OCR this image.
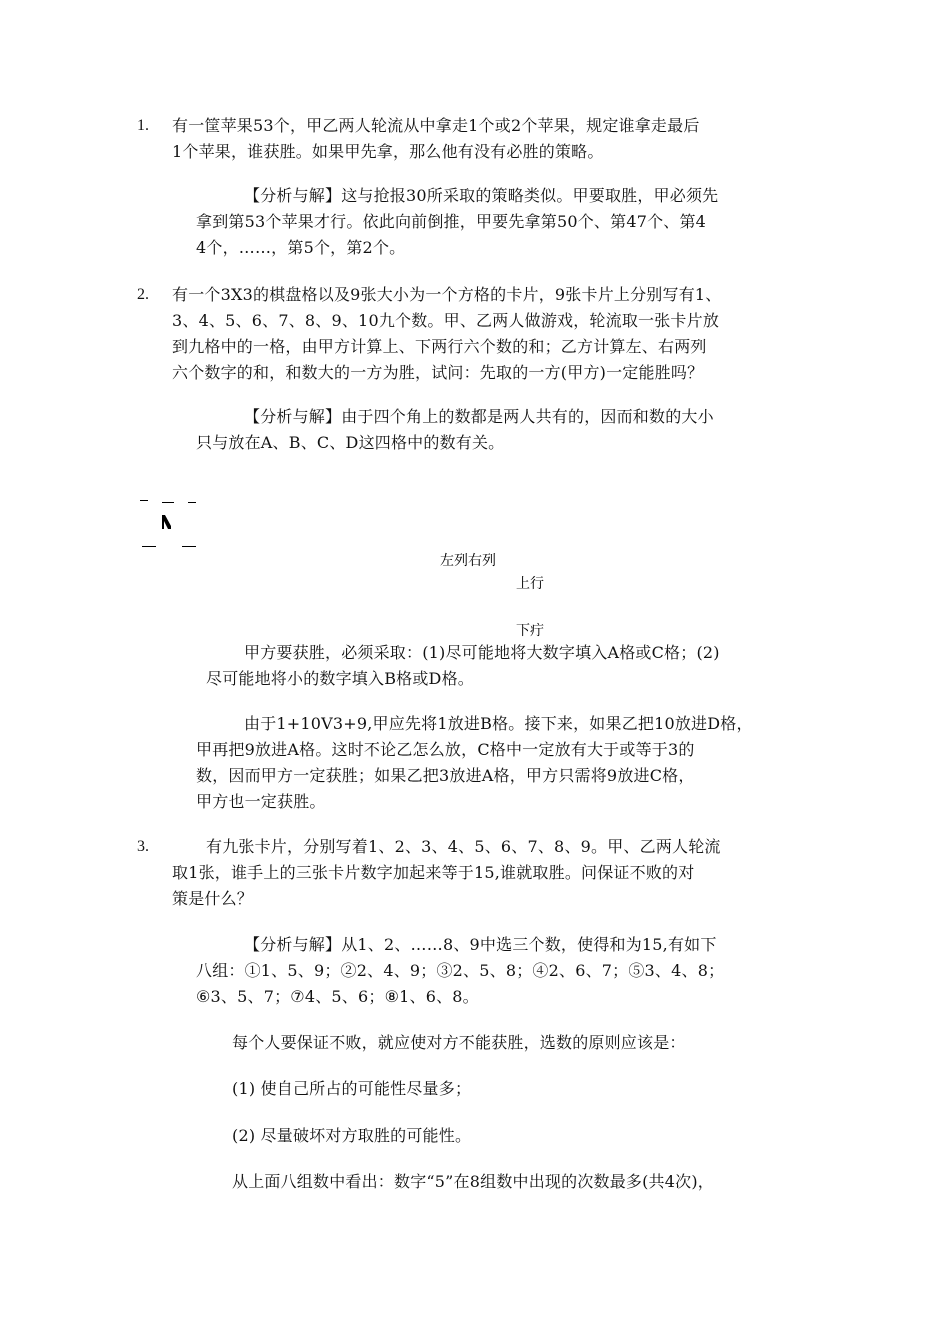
1. 有一筐苹果53个，甲乙两人轮流从中拿走1个或2个苹果，规定谁拿走最后
1个苹果，谁获胜。如果甲先拿，那么他有没有必胜的策略。
【分析与解】这与抢报30所采取的策略类似。甲要取胜，甲必须先
拿到第53个苹果才行。依此向前倒推，甲要先拿第50个、第47个、第4
4个，……，第5个，第2个。
2. 有一个3X3的棋盘格以及9张大小为一个方格的卡片，9张卡片上分别写有1、
3、4、5、6、7、8、9、10九个数。甲、乙两人做游戏，轮流取一张卡片放
到九格中的一格，由甲方计算上、下两行六个数的和；乙方计算左、右两列
六个数字的和，和数大的一方为胜，试问：先取的一方(甲方)一定能胜吗？
【分析与解】由于四个角上的数都是两人共有的，因而和数的大小
只与放在A、B、C、D这四格中的数有关。
左列右列
上行
下疔
甲方要获胜，必须采取：(1)尽可能地将大数字填入A格或C格；(2)
尽可能地将小的数字填入B格或D格。
由于1+10V3+9,甲应先将1放进B格。接下来，如果乙把10放进D格，
甲再把9放进A格。这时不论乙怎么放，C格中一定放有大于或等于3的
数，因而甲方一定获胜；如果乙把3放进A格，甲方只需将9放进C格，
甲方也一定获胜。
3.	有九张卡片，分别写着1、2、3、4、5、6、7、8、9。甲、乙两人轮流
取1张，谁手上的三张卡片数字加起来等于15,谁就取胜。问保证不败的对
策是什么？
【分析与解】从1、2、……8、9中选三个数，使得和为15,有如下
八组：①1、5、9；②2、4、9；③2、5、8；④2、6、7；⑤3、4、8；
⑥3、5、7；⑦4、5、6；⑧1、6、8。
每个人要保证不败，就应使对方不能获胜，选数的原则应该是：
(1) 使自己所占的可能性尽量多；
(2) 尽量破坏对方取胜的可能性。
从上面八组数中看出：数字“5”在8组数中出现的次数最多(共4次)，
